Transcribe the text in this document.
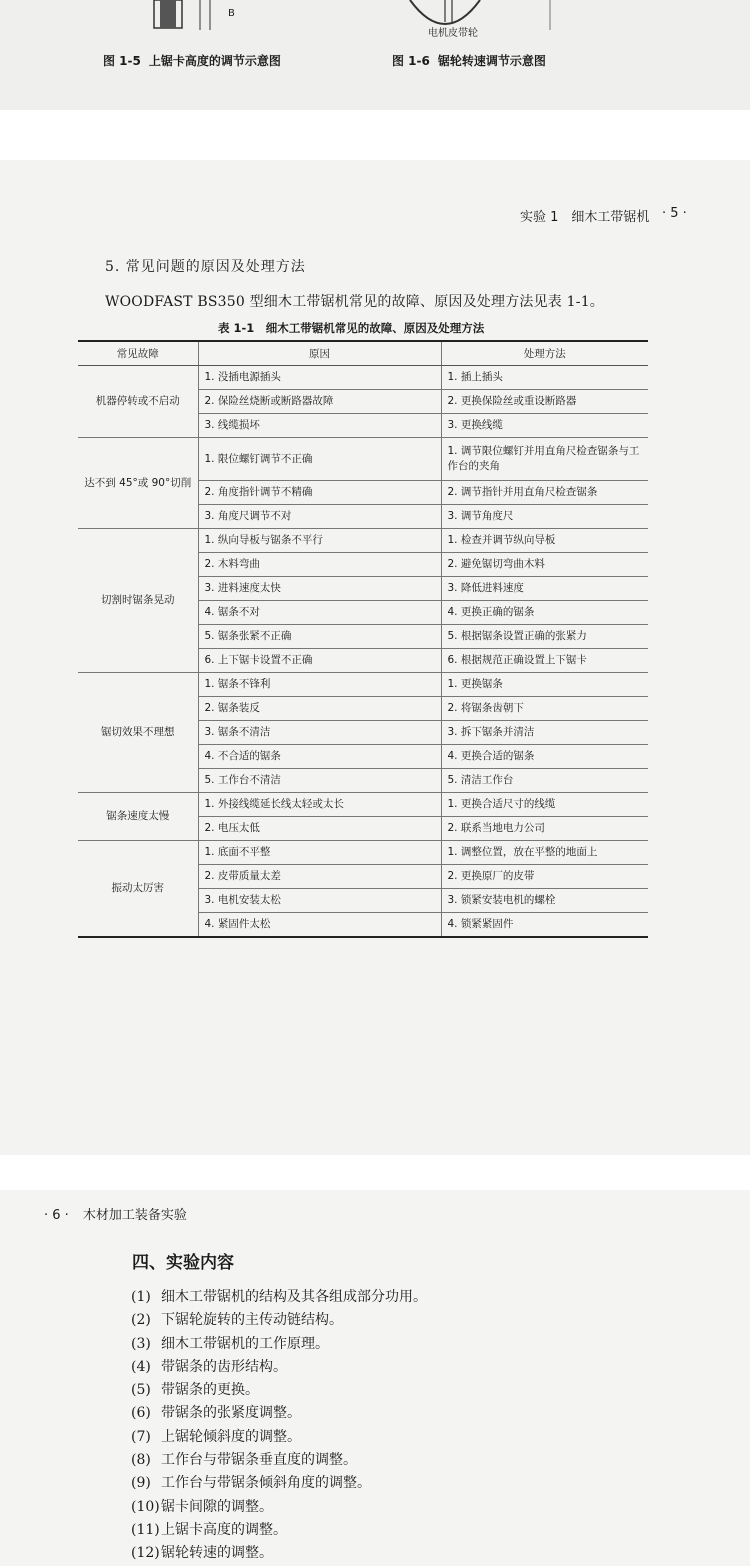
B
电机皮带轮
图 1-5 上锯卡高度的调节示意图	图 1-6 锯轮转速调节示意图
实验 1　细木工带锯机 · 5 ·
5. 常见问题的原因及处理方法
WOODFAST BS350 型细木工带锯机常见的故障、原因及处理方法见表 1-1。
表 1-1　细木工带锯机常见的故障、原因及处理方法
常见故障	原因	处理方法
机器停转或不启动	1. 没插电源插头	1. 插上插头
	2. 保险丝烧断或断路器故障	2. 更换保险丝或重设断路器
	3. 线缆损坏	3. 更换线缆
达不到 45°或 90°切削	1. 限位螺钉调节不正确	1. 调节限位螺钉并用直角尺检查锯条与工作台的夹角
	2. 角度指针调节不精确	2. 调节指针并用直角尺检查锯条
	3. 角度尺调节不对	3. 调节角度尺
切割时锯条晃动	1. 纵向导板与锯条不平行	1. 检查并调节纵向导板
	2. 木料弯曲	2. 避免锯切弯曲木料
	3. 进料速度太快	3. 降低进料速度
	4. 锯条不对	4. 更换正确的锯条
	5. 锯条张紧不正确	5. 根据锯条设置正确的张紧力
	6. 上下锯卡设置不正确	6. 根据规范正确设置上下锯卡
锯切效果不理想	1. 锯条不锋利	1. 更换锯条
	2. 锯条装反	2. 将锯条齿朝下
	3. 锯条不清洁	3. 拆下锯条并清洁
	4. 不合适的锯条	4. 更换合适的锯条
	5. 工作台不清洁	5. 清洁工作台
锯条速度太慢	1. 外接线缆延长线太轻或太长	1. 更换合适尺寸的线缆
	2. 电压太低	2. 联系当地电力公司
振动太厉害	1. 底面不平整	1. 调整位置，放在平整的地面上
	2. 皮带质量太差	2. 更换原厂的皮带
	3. 电机安装太松	3. 锁紧安装电机的螺栓
	4. 紧固件太松	4. 锁紧紧固件
· 6 · 木材加工装备实验
四、实验内容
(1) 细木工带锯机的结构及其各组成部分功用。
(2) 下锯轮旋转的主传动链结构。
(3) 细木工带锯机的工作原理。
(4) 带锯条的齿形结构。
(5) 带锯条的更换。
(6) 带锯条的张紧度调整。
(7) 上锯轮倾斜度的调整。
(8) 工作台与带锯条垂直度的调整。
(9) 工作台与带锯条倾斜角度的调整。
(10)锯卡间隙的调整。
(11)上锯卡高度的调整。
(12)锯轮转速的调整。
